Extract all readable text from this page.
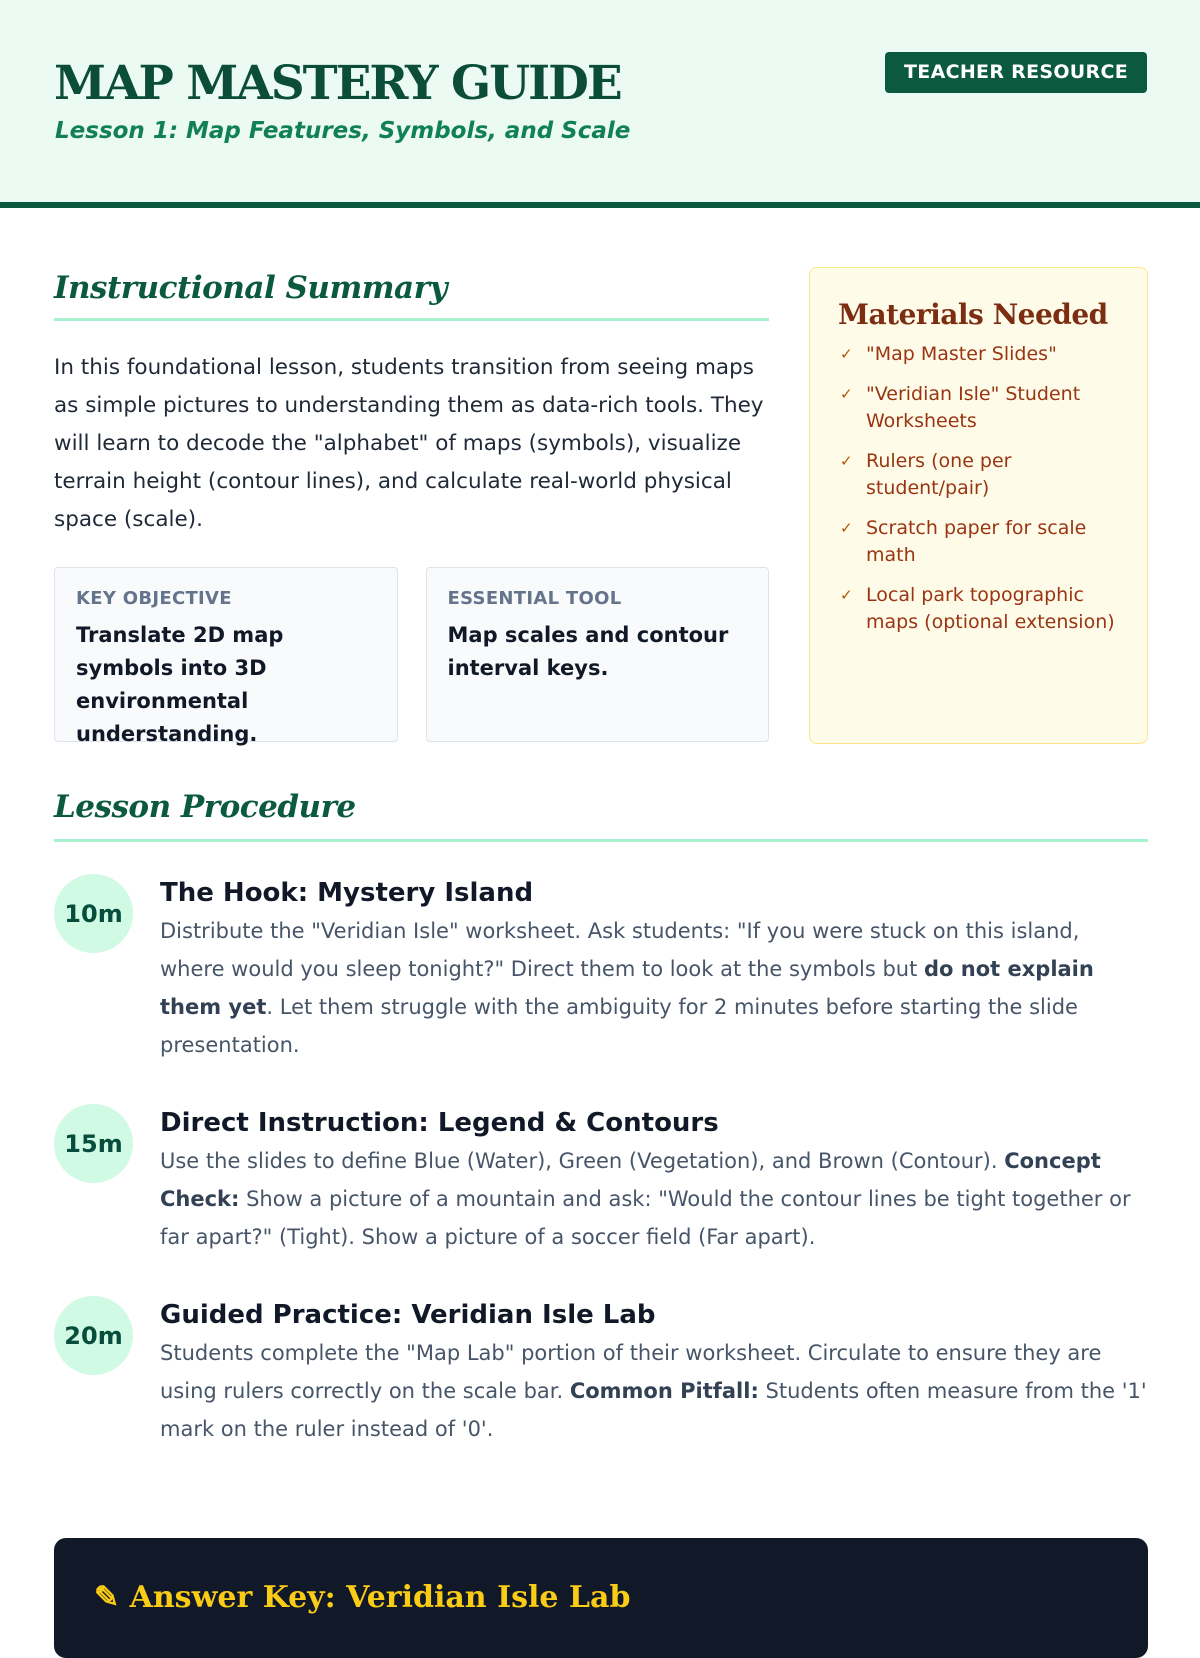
MAP MASTERY GUIDE

Lesson 1: Map Features, Symbols, and Scale

TEACHER RESOURCE
Instructional Summary

In this foundational lesson, students transition from seeing maps as simple pictures to understanding them as data-rich tools. They will learn to decode the "alphabet" of maps (symbols), visualize terrain height (contour lines), and calculate real-world physical space (scale).

KEY OBJECTIVE
Translate 2D map symbols into 3D environmental understanding.
ESSENTIAL TOOL
Map scales and contour interval keys.
Materials Needed
✓ "Map Master Slides"
✓ "Veridian Isle" Student Worksheets
✓ Rulers (one per student/pair)
✓ Scratch paper for scale math
✓ Local park topographic maps (optional extension)
Lesson Procedure
10m
The Hook: Mystery Island

Distribute the "Veridian Isle" worksheet. Ask students: "If you were stuck on this island, where would you sleep tonight?" Direct them to look at the symbols but do not explain them yet. Let them struggle with the ambiguity for 2 minutes before starting the slide presentation.

15m
Direct Instruction: Legend & Contours

Use the slides to define Blue (Water), Green (Vegetation), and Brown (Contour). Concept Check: Show a picture of a mountain and ask: "Would the contour lines be tight together or far apart?" (Tight). Show a picture of a soccer field (Far apart).

20m
Guided Practice: Veridian Isle Lab

Students complete the "Map Lab" portion of their worksheet. Circulate to ensure they are using rulers correctly on the scale bar. Common Pitfall: Students often measure from the '1' mark on the ruler instead of '0'.

✎ Answer Key: Veridian Isle Lab
